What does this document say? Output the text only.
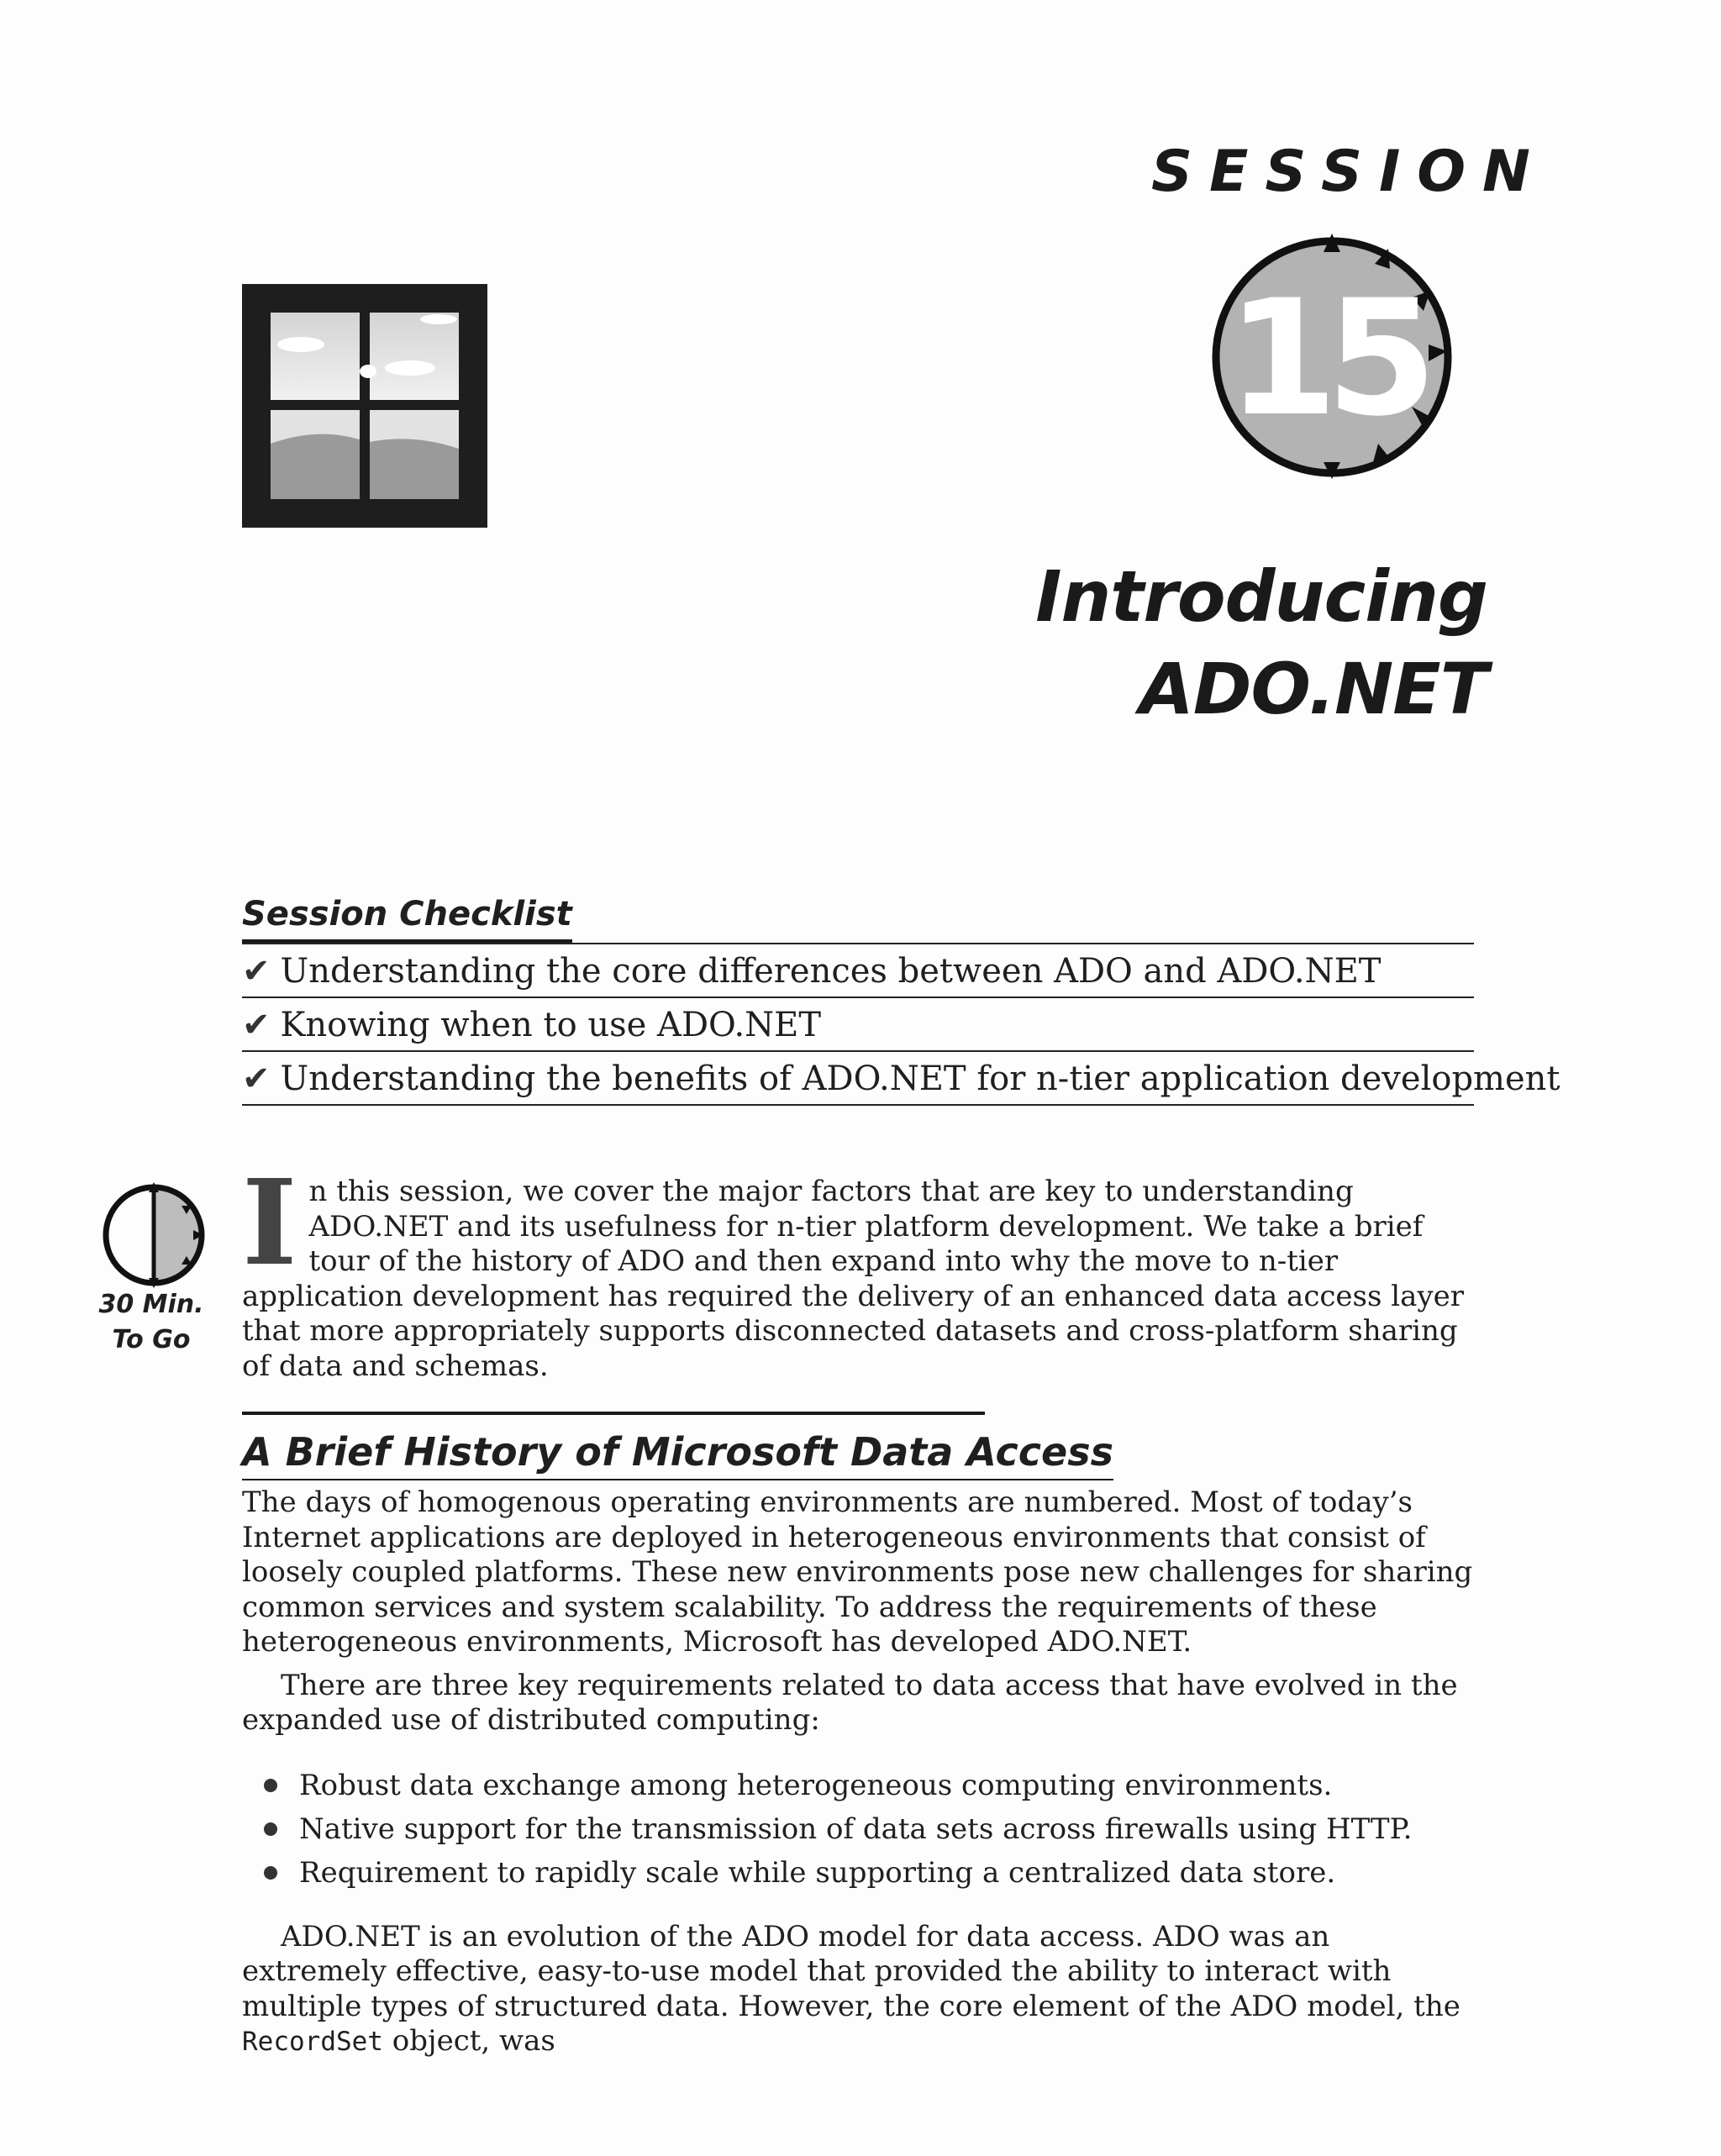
SESSION
15
Introducing ADO.NET
Session Checklist
✔ Understanding the core differences between ADO and ADO.NET
✔ Knowing when to use ADO.NET
✔ Understanding the benefits of ADO.NET for n-tier application development
30 Min.
To Go
I n this session, we cover the major factors that are key to understanding ADO.NET and its usefulness for n-tier platform development. We take a brief tour of the history of ADO and then expand into why the move to n-tier application development has required the delivery of an enhanced data access layer that more appropriately supports disconnected datasets and cross-platform sharing of data and schemas.

A Brief History of Microsoft Data Access

The days of homogenous operating environments are numbered. Most of today’s Internet applications are deployed in heterogeneous environments that consist of loosely coupled platforms. These new environments pose new challenges for sharing common services and system scalability. To address the requirements of these heterogeneous environments, Microsoft has developed ADO.NET.

There are three key requirements related to data access that have evolved in the expanded use of distributed computing:

Robust data exchange among heterogeneous computing environments.
Native support for the transmission of data sets across firewalls using HTTP.
Requirement to rapidly scale while supporting a centralized data store.

ADO.NET is an evolution of the ADO model for data access. ADO was an extremely effective, easy-to-use model that provided the ability to interact with multiple types of structured data. However, the core element of the ADO model, the RecordSet object, was
